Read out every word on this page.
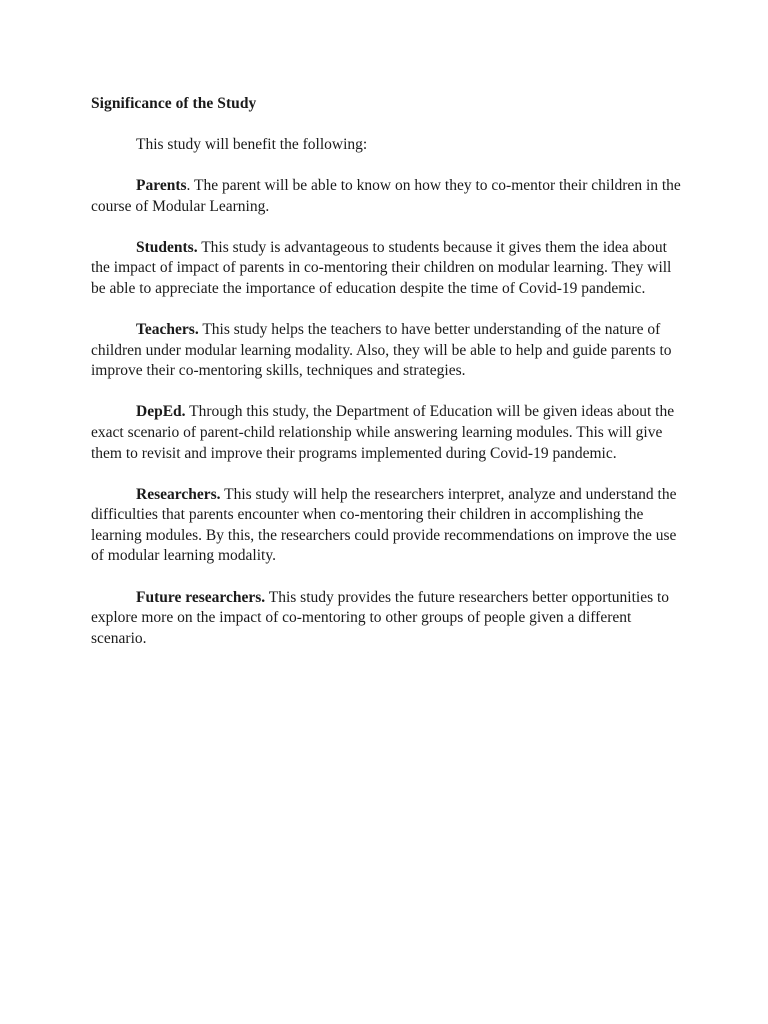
Significance of the Study

This study will benefit the following:

Parents. The parent will be able to know on how they to co-mentor their children in the course of Modular Learning.

Students. This study is advantageous to students because it gives them the idea about the impact of impact of parents in co-mentoring their children on modular learning. They will be able to appreciate the importance of education despite the time of Covid-19 pandemic.

Teachers. This study helps the teachers to have better understanding of the nature of children under modular learning modality. Also, they will be able to help and guide parents to improve their co-mentoring skills, techniques and strategies.

DepEd. Through this study, the Department of Education will be given ideas about the exact scenario of parent-child relationship while answering learning modules. This will give them to revisit and improve their programs implemented during Covid-19 pandemic.

Researchers. This study will help the researchers interpret, analyze and understand the difficulties that parents encounter when co-mentoring their children in accomplishing the learning modules. By this, the researchers could provide recommendations on improve the use of modular learning modality.

Future researchers. This study provides the future researchers better opportunities to explore more on the impact of co-mentoring to other groups of people given a different scenario.
